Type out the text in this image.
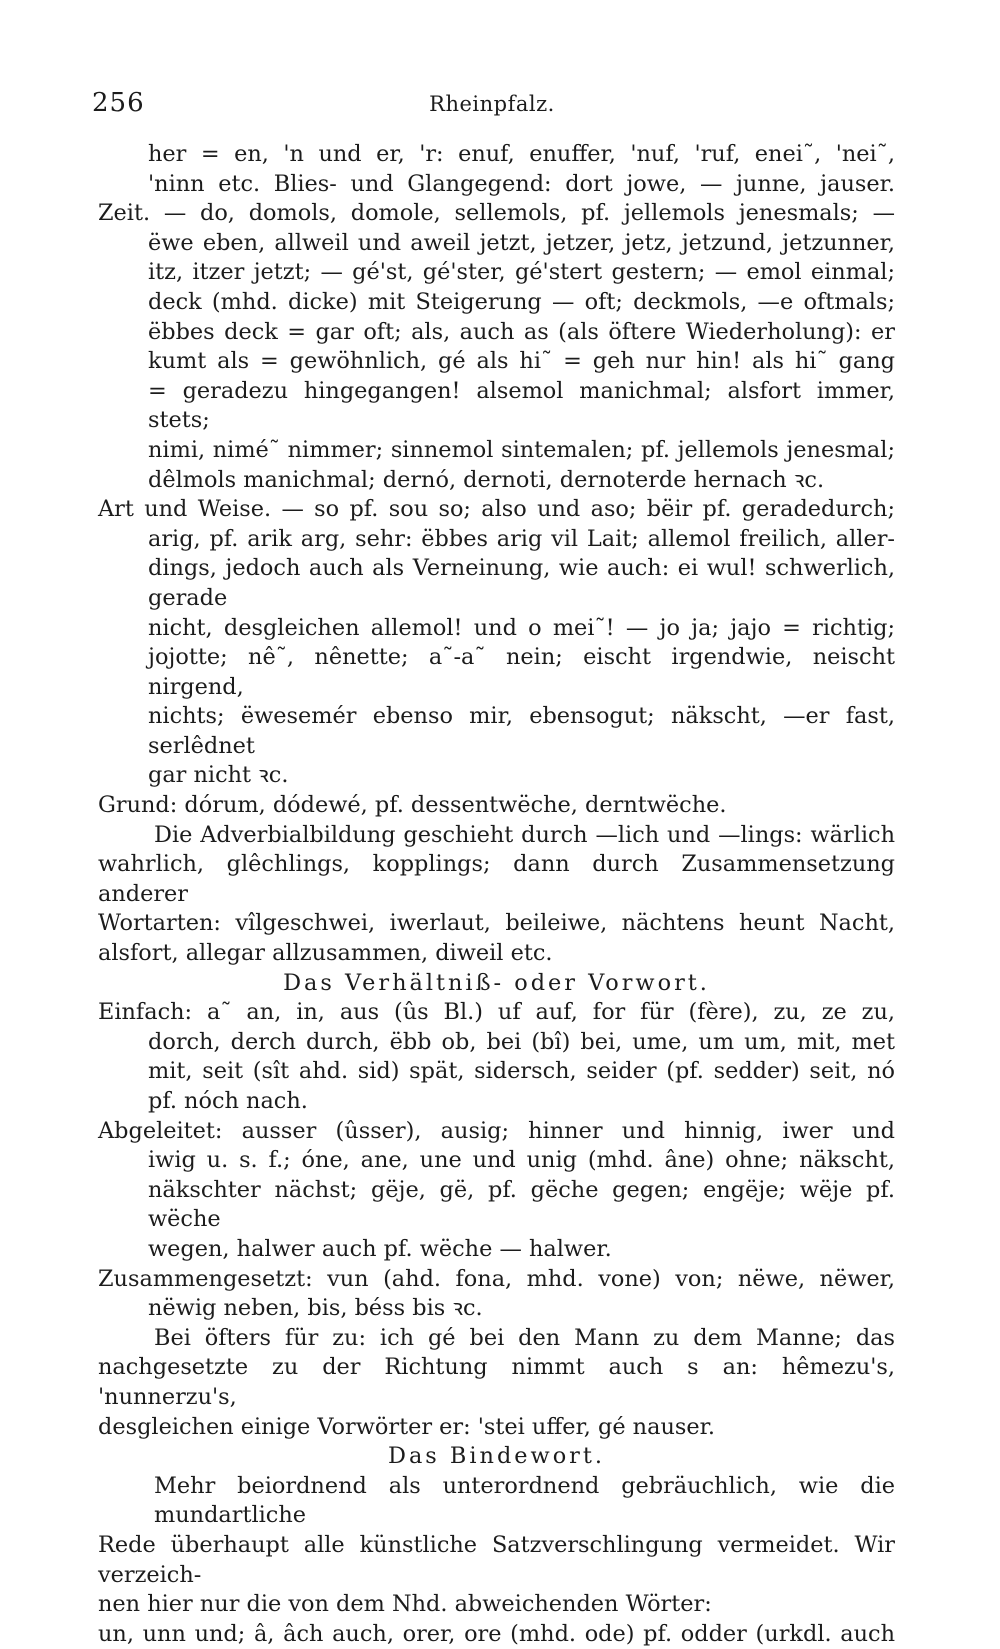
256	Rheinpfalz.
her = en, 'n und er, 'r: enuf, enuffer, 'nuf, 'ruf, enei˜, 'nei˜,
'ninn etc. Blies- und Glangegend: dort jowe, — junne, jauser.
Zeit. — do, domols, domole, sellemols, pf. jellemols jenesmals; —
ëwe eben, allweil und aweil jetzt, jetzer, jetz, jetzund, jetzunner,
itz, itzer jetzt; — gé'st, gé'ster, gé'stert gestern; — emol einmal;
deck (mhd. dicke) mit Steigerung — oft; deckmols, —e oftmals;
ëbbes deck = gar oft; als, auch as (als öftere Wiederholung): er
kumt als = gewöhnlich, gé als hi˜ = geh nur hin! als hi˜ gang
= geradezu hingegangen! alsemol manichmal; alsfort immer, stets;
nimi, nimé˜ nimmer; sinnemol sintemalen; pf. jellemols jenesmal;
dêlmols manichmal; dernó, dernoti, dernoterde hernach ꝛc.
Art und Weise. — so pf. sou so; also und aso; bëir pf. geradedurch;
arig, pf. arik arg, sehr: ëbbes arig vil Lait; allemol freilich, aller-
dings, jedoch auch als Verneinung, wie auch: ei wul! schwerlich, gerade
nicht, desgleichen allemol! und o mei˜! — jo ja; jajo = richtig;
jojotte; nê˜, nênette; a˜-a˜ nein; eischt irgendwie, neischt nirgend,
nichts; ëwesemér ebenso mir, ebensogut; näkscht, —er fast, serlêdnet
gar nicht ꝛc.
Grund: dórum, dódewé, pf. dessentwëche, derntwëche.
Die Adverbialbildung geschieht durch —lich und —lings: wärlich
wahrlich, glêchlings, kopplings; dann durch Zusammensetzung anderer
Wortarten: vîlgeschwei, iwerlaut, beileiwe, nächtens heunt Nacht,
alsfort, allegar allzusammen, diweil etc.
Das Verhältniß- oder Vorwort.
Einfach: a˜ an, in, aus (ûs Bl.) uf auf, for für (fère), zu, ze zu,
dorch, derch durch, ëbb ob, bei (bî) bei, ume, um um, mit, met
mit, seit (sît ahd. sid) spät, sidersch, seider (pf. sedder) seit, nó
pf. nóch nach.
Abgeleitet: ausser (ûsser), ausig; hinner und hinnig, iwer und
iwig u. s. f.; óne, ane, une und unig (mhd. âne) ohne; näkscht,
näkschter nächst; gëje, gë, pf. gëche gegen; engëje; wëje pf. wëche
wegen, halwer auch pf. wëche — halwer.
Zusammengesetzt: vun (ahd. fona, mhd. vone) von; nëwe, nëwer,
nëwig neben, bis, béss bis ꝛc.
Bei öfters für zu: ich gé bei den Mann zu dem Manne; das
nachgesetzte zu der Richtung nimmt auch s an: hêmezu's, 'nunnerzu's,
desgleichen einige Vorwörter er: 'stei uffer, gé nauser.
Das Bindewort.
Mehr beiordnend als unterordnend gebräuchlich, wie die mundartliche
Rede überhaupt alle künstliche Satzverschlingung vermeidet. Wir verzeich-
nen hier nur die von dem Nhd. abweichenden Wörter:
un, unn und; â, âch auch, orer, ore (mhd. ode) pf. odder (urkdl. auch
